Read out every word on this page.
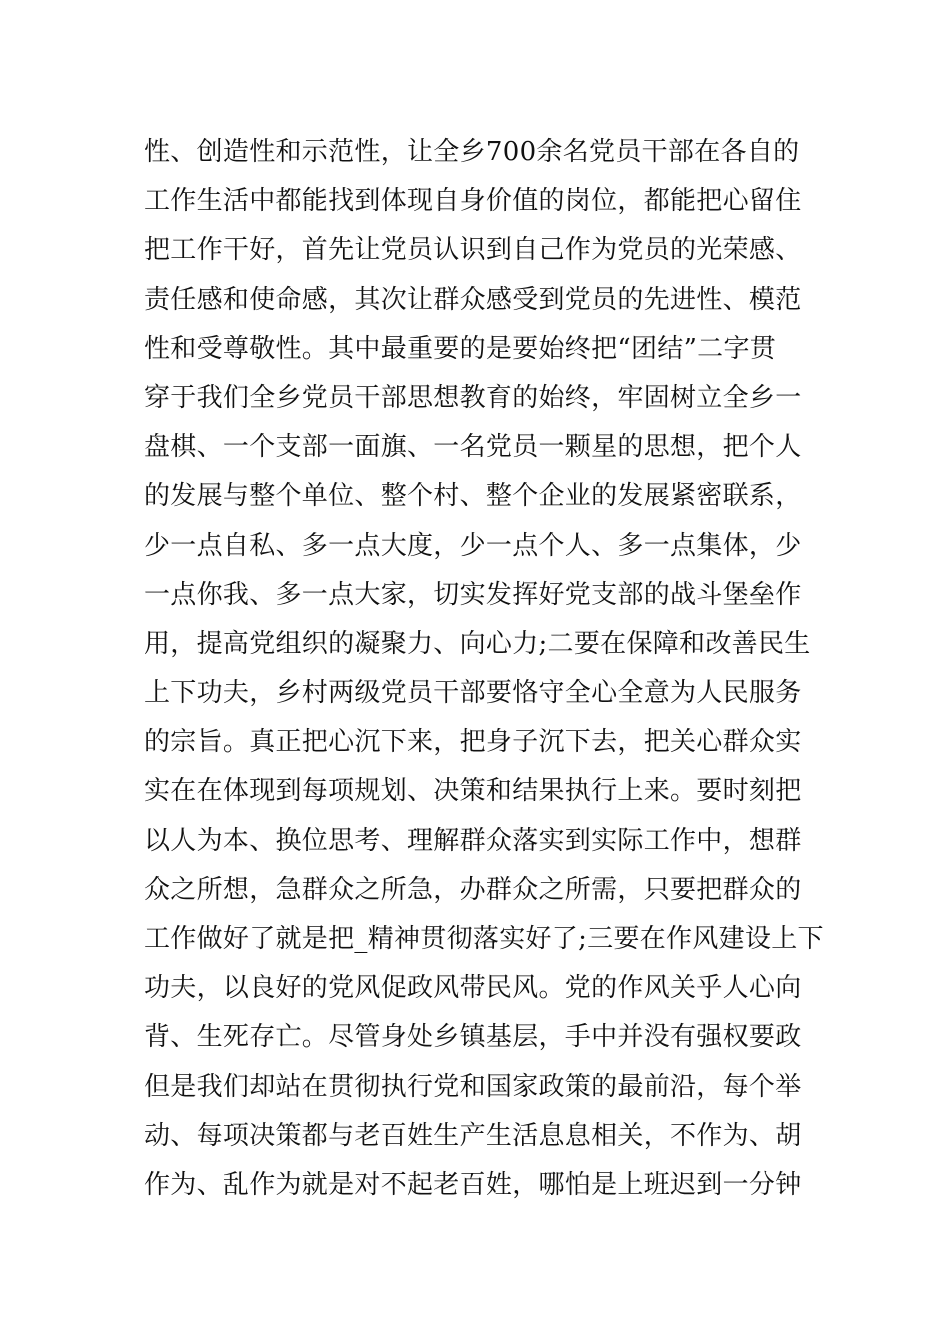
性、创造性和示范性，让全乡700余名党员干部在各自的
工作生活中都能找到体现自身价值的岗位，都能把心留住
把工作干好，首先让党员认识到自己作为党员的光荣感、
责任感和使命感，其次让群众感受到党员的先进性、模范
性和受尊敬性。其中最重要的是要始终把“团结”二字贯
穿于我们全乡党员干部思想教育的始终，牢固树立全乡一
盘棋、一个支部一面旗、一名党员一颗星的思想，把个人
的发展与整个单位、整个村、整个企业的发展紧密联系，
少一点自私、多一点大度，少一点个人、多一点集体，少
一点你我、多一点大家，切实发挥好党支部的战斗堡垒作
用，提高党组织的凝聚力、向心力;二要在保障和改善民生
上下功夫，乡村两级党员干部要恪守全心全意为人民服务
的宗旨。真正把心沉下来，把身子沉下去，把关心群众实
实在在体现到每项规划、决策和结果执行上来。要时刻把
以人为本、换位思考、理解群众落实到实际工作中，想群
众之所想，急群众之所急，办群众之所需，只要把群众的
工作做好了就是把_精神贯彻落实好了;三要在作风建设上下
功夫，以良好的党风促政风带民风。党的作风关乎人心向
背、生死存亡。尽管身处乡镇基层，手中并没有强权要政
但是我们却站在贯彻执行党和国家政策的最前沿，每个举
动、每项决策都与老百姓生产生活息息相关，不作为、胡
作为、乱作为就是对不起老百姓，哪怕是上班迟到一分钟
